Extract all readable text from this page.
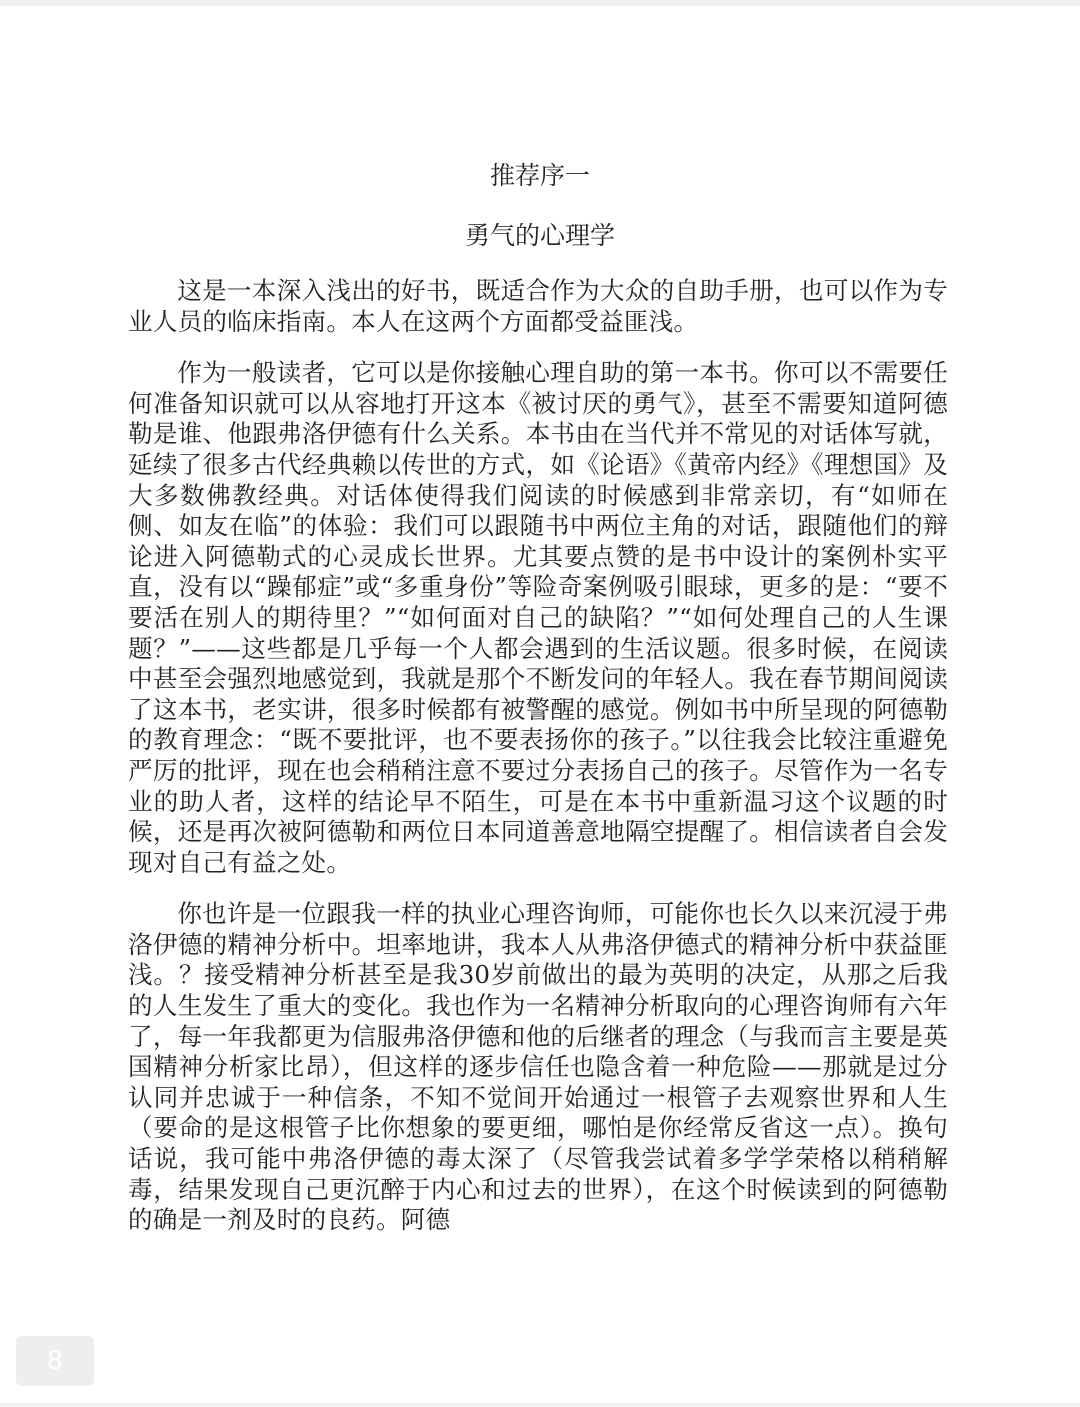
推荐序一
勇气的心理学

这是一本深入浅出的好书，既适合作为大众的自助手册，也可以作为专业人员的临床指南。本人在这两个方面都受益匪浅。

作为一般读者，它可以是你接触心理自助的第一本书。你可以不需要任何准备知识就可以从容地打开这本《被讨厌的勇气》，甚至不需要知道阿德勒是谁、他跟弗洛伊德有什么关系。本书由在当代并不常见的对话体写就，延续了很多古代经典赖以传世的方式，如《论语》《黄帝内经》《理想国》及大多数佛教经典。对话体使得我们阅读的时候感到非常亲切，有“如师在侧、如友在临”的体验：我们可以跟随书中两位主角的对话，跟随他们的辩论进入阿德勒式的心灵成长世界。尤其要点赞的是书中设计的案例朴实平直，没有以“躁郁症”或“多重身份”等险奇案例吸引眼球，更多的是：“要不要活在别人的期待里？”“如何面对自己的缺陷？”“如何处理自己的人生课题？”——这些都是几乎每一个人都会遇到的生活议题。很多时候，在阅读中甚至会强烈地感觉到，我就是那个不断发问的年轻人。我在春节期间阅读了这本书，老实讲，很多时候都有被警醒的感觉。例如书中所呈现的阿德勒的教育理念：“既不要批评，也不要表扬你的孩子。”以往我会比较注重避免严厉的批评，现在也会稍稍注意不要过分表扬自己的孩子。尽管作为一名专业的助人者，这样的结论早不陌生，可是在本书中重新温习这个议题的时候，还是再次被阿德勒和两位日本同道善意地隔空提醒了。相信读者自会发现对自己有益之处。

你也许是一位跟我一样的执业心理咨询师，可能你也长久以来沉浸于弗洛伊德的精神分析中。坦率地讲，我本人从弗洛伊德式的精神分析中获益匪浅。？接受精神分析甚至是我30岁前做出的最为英明的决定，从那之后我的人生发生了重大的变化。我也作为一名精神分析取向的心理咨询师有六年了，每一年我都更为信服弗洛伊德和他的后继者的理念（与我而言主要是英国精神分析家比昂），但这样的逐步信任也隐含着一种危险——那就是过分认同并忠诚于一种信条，不知不觉间开始通过一根管子去观察世界和人生（要命的是这根管子比你想象的要更细，哪怕是你经常反省这一点）。换句话说，我可能中弗洛伊德的毒太深了（尽管我尝试着多学学荣格以稍稍解毒，结果发现自己更沉醉于内心和过去的世界），在这个时候读到的阿德勒的确是一剂及时的良药。阿德

8
